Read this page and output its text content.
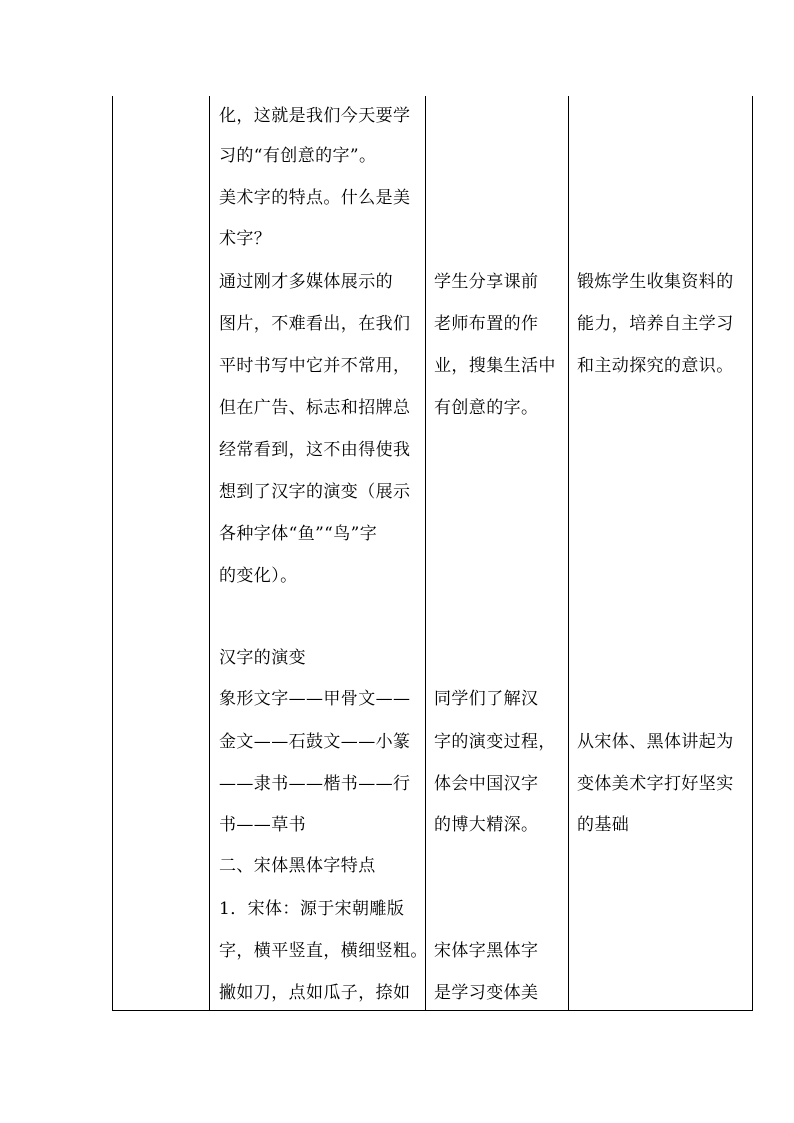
化，这就是我们今天要学
习的“有创意的字”。
美术字的特点。什么是美
术字？
通过刚才多媒体展示的
图片，不难看出，在我们
平时书写中它并不常用，
但在广告、标志和招牌总
经常看到，这不由得使我
想到了汉字的演变（展示
各种字体“鱼”“鸟”字
的变化）。
汉字的演变
象形文字——甲骨文——
金文——石鼓文——小篆
——隶书——楷书——行
书——草书
二、宋体黑体字特点
1．宋体：源于宋朝雕版
字，横平竖直，横细竖粗。
撇如刀，点如瓜子，捺如
学生分享课前
老师布置的作
业，搜集生活中
有创意的字。
同学们了解汉
字的演变过程，
体会中国汉字
的博大精深。
宋体字黑体字
是学习变体美
锻炼学生收集资料的
能力，培养自主学习
和主动探究的意识。
从宋体、黑体讲起为
变体美术字打好坚实
的基础
